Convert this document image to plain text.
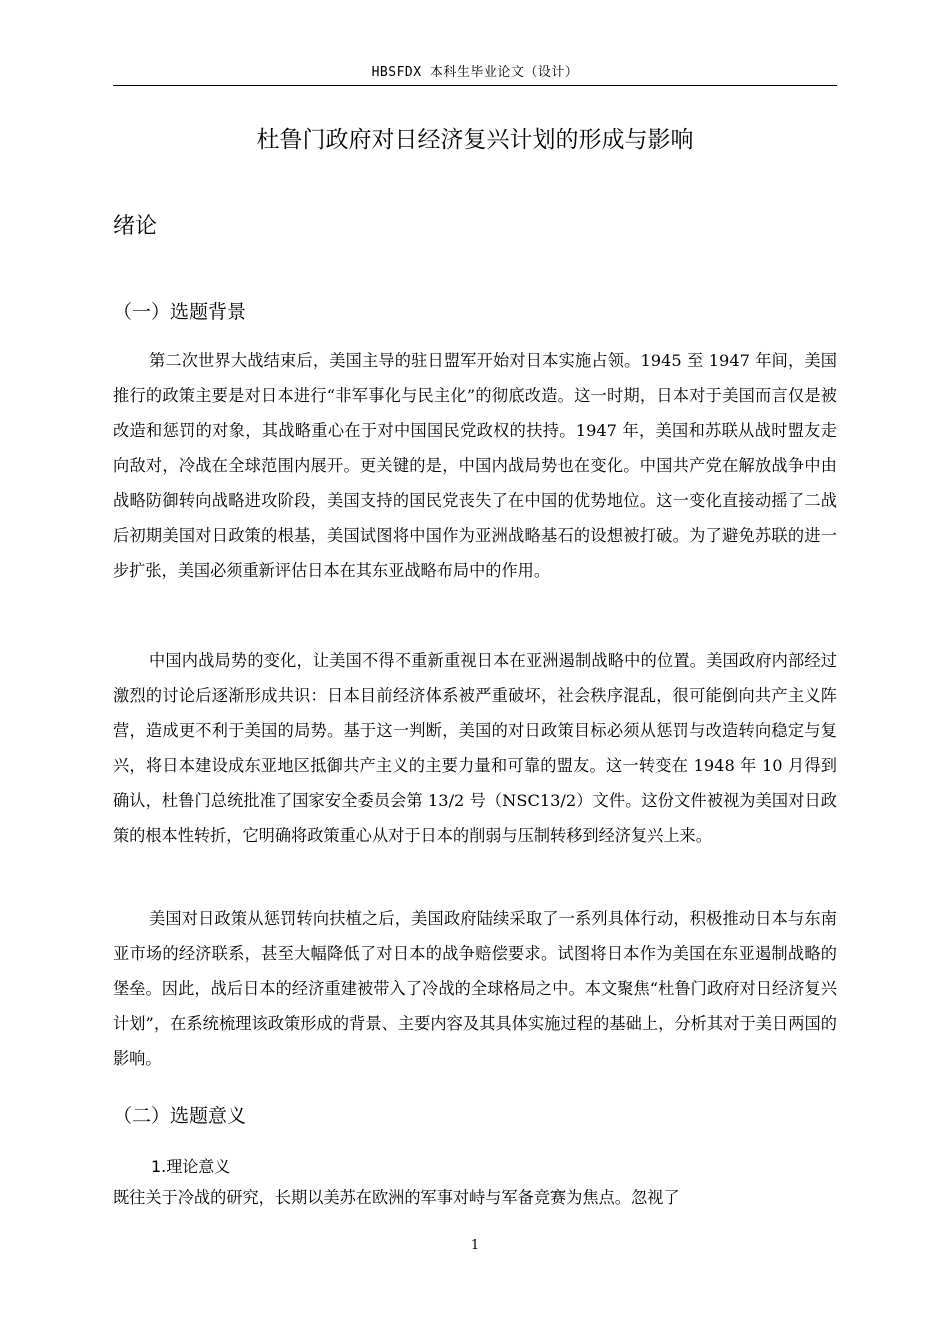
HBSFDX 本科生毕业论文（设计）
杜鲁门政府对日经济复兴计划的形成与影响
绪论
（一）选题背景

第二次世界大战结束后，美国主导的驻日盟军开始对日本实施占领。1945 至 1947 年间，美国推行的政策主要是对日本进行“非军事化与民主化”的彻底改造。这一时期，日本对于美国而言仅是被改造和惩罚的对象，其战略重心在于对中国国民党政权的扶持。1947 年，美国和苏联从战时盟友走向敌对，冷战在全球范围内展开。更关键的是，中国内战局势也在变化。中国共产党在解放战争中由战略防御转向战略进攻阶段，美国支持的国民党丧失了在中国的优势地位。这一变化直接动摇了二战后初期美国对日政策的根基，美国试图将中国作为亚洲战略基石的设想被打破。为了避免苏联的进一步扩张，美国必须重新评估日本在其东亚战略布局中的作用。

中国内战局势的变化，让美国不得不重新重视日本在亚洲遏制战略中的位置。美国政府内部经过激烈的讨论后逐渐形成共识：日本目前经济体系被严重破坏，社会秩序混乱，很可能倒向共产主义阵营，造成更不利于美国的局势。基于这一判断，美国的对日政策目标必须从惩罚与改造转向稳定与复兴，将日本建设成东亚地区抵御共产主义的主要力量和可靠的盟友。这一转变在 1948 年 10 月得到确认，杜鲁门总统批准了国家安全委员会第 13/2 号（NSC13/2）文件。这份文件被视为美国对日政策的根本性转折，它明确将政策重心从对于日本的削弱与压制转移到经济复兴上来。

美国对日政策从惩罚转向扶植之后，美国政府陆续采取了一系列具体行动，积极推动日本与东南亚市场的经济联系，甚至大幅降低了对日本的战争赔偿要求。试图将日本作为美国在东亚遏制战略的堡垒。因此，战后日本的经济重建被带入了冷战的全球格局之中。本文聚焦“杜鲁门政府对日经济复兴计划”，在系统梳理该政策形成的背景、主要内容及其具体实施过程的基础上，分析其对于美日两国的影响。

（二）选题意义
1.理论意义

既往关于冷战的研究，长期以美苏在欧洲的军事对峙与军备竞赛为焦点。忽视了

1
